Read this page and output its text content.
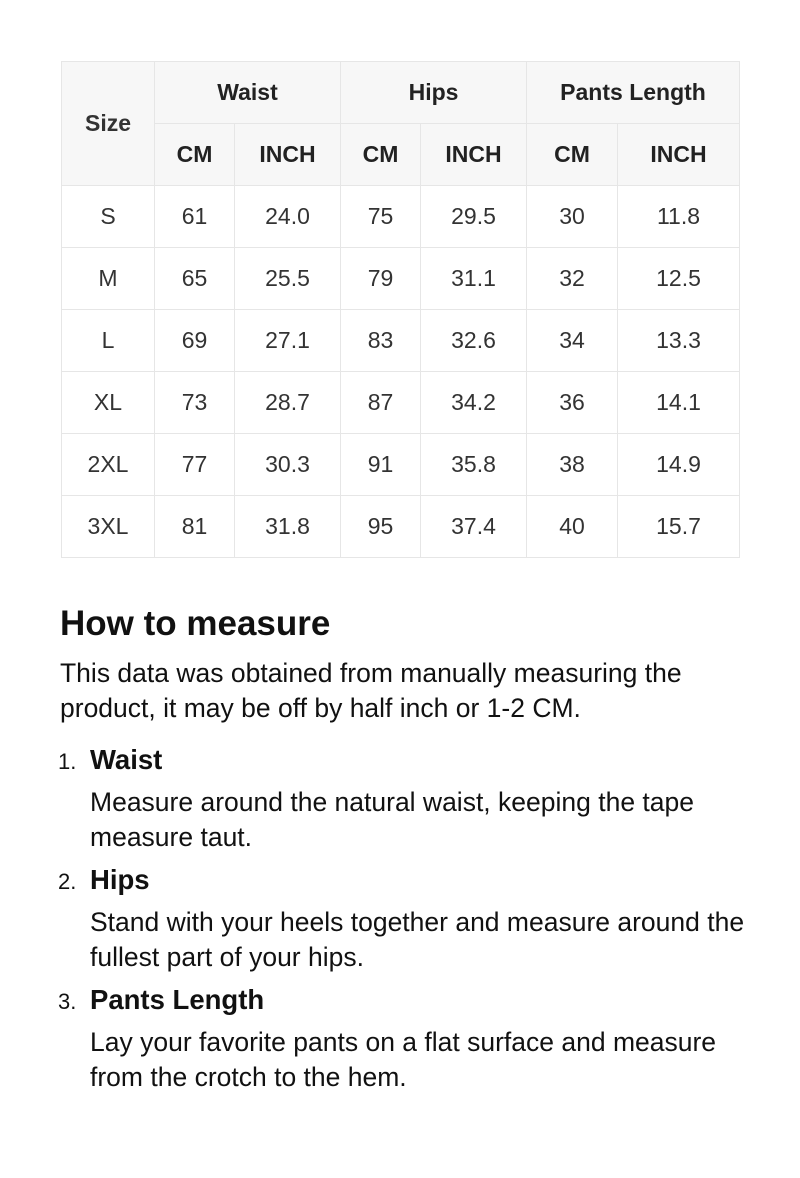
Size	Waist		Hips		Pants Length	
	CM	INCH	CM	INCH	CM	INCH
S	61	24.0	75	29.5	30	11.8
M	65	25.5	79	31.1	32	12.5
L	69	27.1	83	32.6	34	13.3
XL	73	28.7	87	34.2	36	14.1
2XL	77	30.3	91	35.8	38	14.9
3XL	81	31.8	95	37.4	40	15.7
How to measure

This data was obtained from manually measuring the product, it may be off by half inch or 1-2 CM.

1. Waist

Measure around the natural waist, keeping the tape measure taut.

2. Hips

Stand with your heels together and measure around the fullest part of your hips.

3. Pants Length

Lay your favorite pants on a flat surface and measure from the crotch to the hem.
